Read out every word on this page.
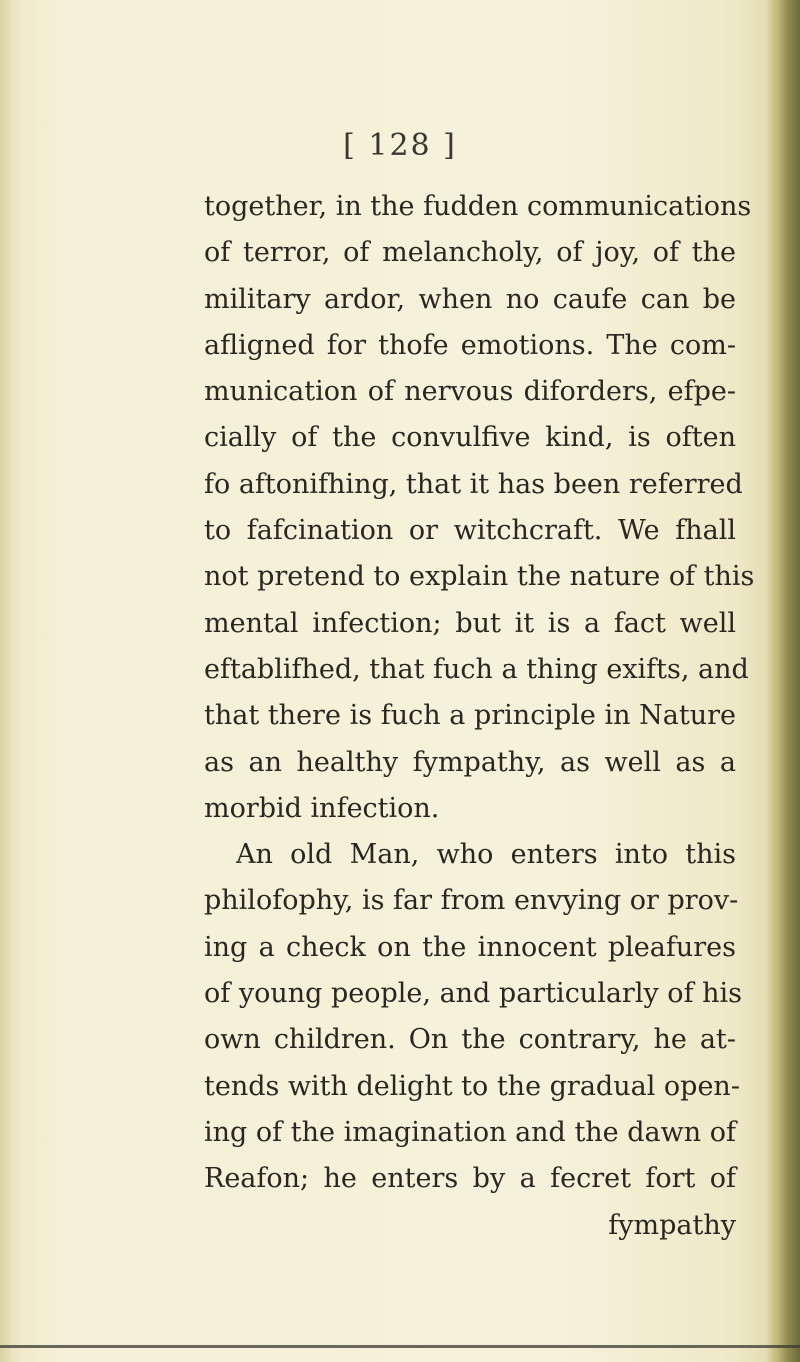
[ 128 ]
together, in the fudden communications
of terror, of melancholy, of joy, of the
military ardor, when no caufe can be
afligned for thofe emotions. The com-
munication of nervous diforders, efpe-
cially of the convulfive kind, is often
fo aftonifhing, that it has been referred
to fafcination or witchcraft. We fhall
not pretend to explain the nature of this
mental infection; but it is a fact well
eftablifhed, that fuch a thing exifts, and
that there is fuch a principle in Nature
as an healthy fympathy, as well as a
morbid infection.
An old Man, who enters into this
philofophy, is far from envying or prov-
ing a check on the innocent pleafures
of young people, and particularly of his
own children. On the contrary, he at-
tends with delight to the gradual open-
ing of the imagination and the dawn of
Reafon; he enters by a fecret fort of
fympathy
